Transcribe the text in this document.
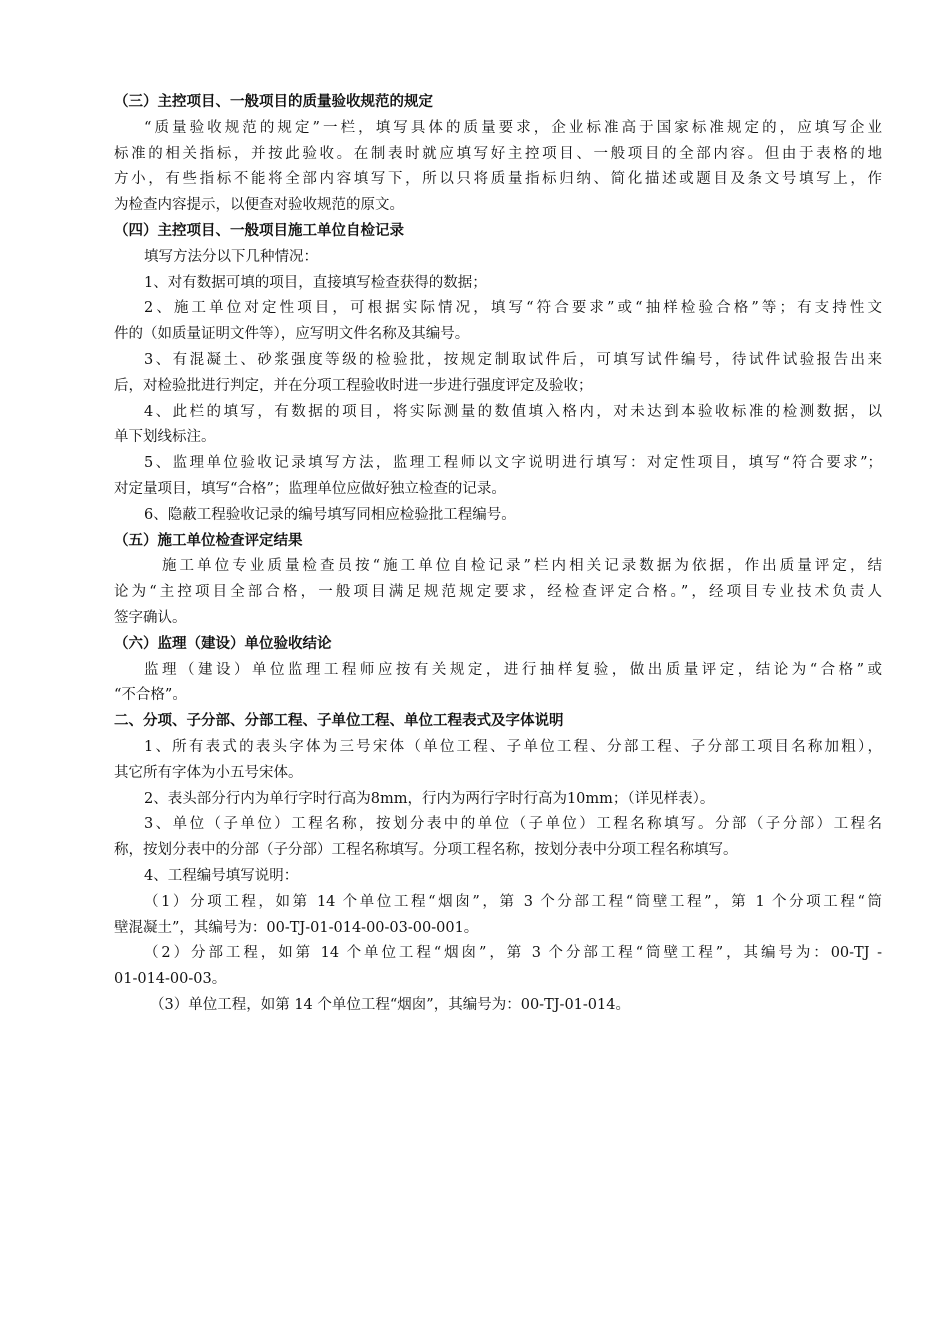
（三）主控项目、一般项目的质量验收规范的规定
“质量验收规范的规定”一栏，填写具体的质量要求，企业标准高于国家标准规定的，应填写企业
标准的相关指标，并按此验收。在制表时就应填写好主控项目、一般项目的全部内容。但由于表格的地
方小，有些指标不能将全部内容填写下，所以只将质量指标归纳、简化描述或题目及条文号填写上，作
为检查内容提示，以便查对验收规范的原文。
（四）主控项目、一般项目施工单位自检记录
填写方法分以下几种情况：
1、对有数据可填的项目，直接填写检查获得的数据；
2、施工单位对定性项目，可根据实际情况，填写“符合要求”或“抽样检验合格”等；有支持性文
件的（如质量证明文件等），应写明文件名称及其编号。
3、有混凝土、砂浆强度等级的检验批，按规定制取试件后，可填写试件编号，待试件试验报告出来
后，对检验批进行判定，并在分项工程验收时进一步进行强度评定及验收；
4、此栏的填写，有数据的项目，将实际测量的数值填入格内，对未达到本验收标准的检测数据，以
单下划线标注。
5、监理单位验收记录填写方法，监理工程师以文字说明进行填写：对定性项目，填写“符合要求”；
对定量项目，填写“合格”；监理单位应做好独立检查的记录。
6、隐蔽工程验收记录的编号填写同相应检验批工程编号。
（五）施工单位检查评定结果
施工单位专业质量检查员按“施工单位自检记录”栏内相关记录数据为依据，作出质量评定，结
论为“主控项目全部合格，一般项目满足规范规定要求，经检查评定合格。”，经项目专业技术负责人
签字确认。
（六）监理（建设）单位验收结论
监理（建设）单位监理工程师应按有关规定，进行抽样复验，做出质量评定，结论为“合格”或
“不合格”。
二、分项、子分部、分部工程、子单位工程、单位工程表式及字体说明
1、所有表式的表头字体为三号宋体（单位工程、子单位工程、分部工程、子分部工项目名称加粗），
其它所有字体为小五号宋体。
2、表头部分行内为单行字时行高为8mm，行内为两行字时行高为10mm；（详见样表）。
3、单位（子单位）工程名称，按划分表中的单位（子单位）工程名称填写。分部（子分部）工程名
称，按划分表中的分部（子分部）工程名称填写。分项工程名称，按划分表中分项工程名称填写。
4、工程编号填写说明：
（1）分项工程，如第 14 个单位工程“烟囱”，第 3 个分部工程“筒壁工程”，第 1 个分项工程“筒
壁混凝土”，其编号为：00-TJ-01-014-00-03-00-001。
（2）分部工程，如第 14 个单位工程“烟囱”，第 3 个分部工程“筒壁工程”，其编号为：00-TJ -
01-014-00-03。
（3）单位工程，如第 14 个单位工程“烟囱”，其编号为：00-TJ-01-014。
